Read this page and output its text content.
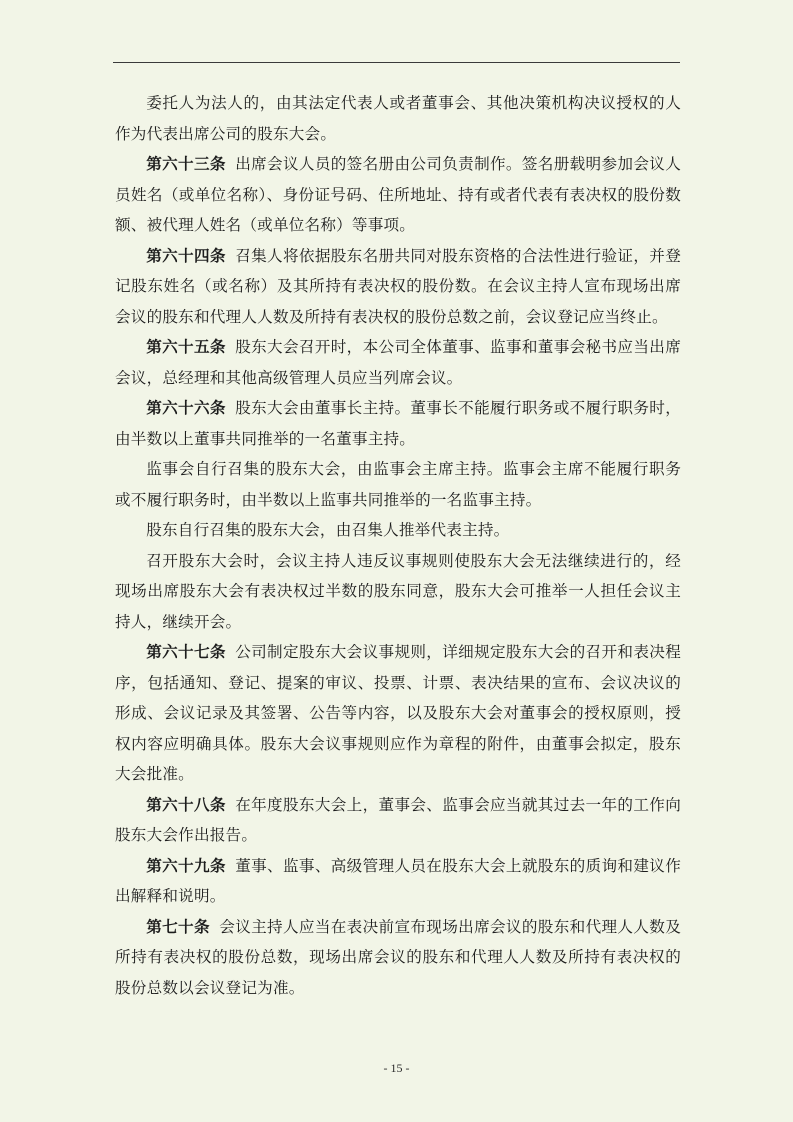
委托人为法人的，由其法定代表人或者董事会、其他决策机构决议授权的人作为代表出席公司的股东大会。

第六十三条 出席会议人员的签名册由公司负责制作。签名册载明参加会议人员姓名（或单位名称）、身份证号码、住所地址、持有或者代表有表决权的股份数额、被代理人姓名（或单位名称）等事项。

第六十四条 召集人将依据股东名册共同对股东资格的合法性进行验证，并登记股东姓名（或名称）及其所持有表决权的股份数。在会议主持人宣布现场出席会议的股东和代理人人数及所持有表决权的股份总数之前，会议登记应当终止。

第六十五条 股东大会召开时，本公司全体董事、监事和董事会秘书应当出席会议，总经理和其他高级管理人员应当列席会议。

第六十六条 股东大会由董事长主持。董事长不能履行职务或不履行职务时，由半数以上董事共同推举的一名董事主持。

监事会自行召集的股东大会，由监事会主席主持。监事会主席不能履行职务或不履行职务时，由半数以上监事共同推举的一名监事主持。

股东自行召集的股东大会，由召集人推举代表主持。

召开股东大会时，会议主持人违反议事规则使股东大会无法继续进行的，经现场出席股东大会有表决权过半数的股东同意，股东大会可推举一人担任会议主持人，继续开会。

第六十七条 公司制定股东大会议事规则，详细规定股东大会的召开和表决程序，包括通知、登记、提案的审议、投票、计票、表决结果的宣布、会议决议的形成、会议记录及其签署、公告等内容，以及股东大会对董事会的授权原则，授权内容应明确具体。股东大会议事规则应作为章程的附件，由董事会拟定，股东大会批准。

第六十八条 在年度股东大会上，董事会、监事会应当就其过去一年的工作向股东大会作出报告。

第六十九条 董事、监事、高级管理人员在股东大会上就股东的质询和建议作出解释和说明。

第七十条 会议主持人应当在表决前宣布现场出席会议的股东和代理人人数及所持有表决权的股份总数，现场出席会议的股东和代理人人数及所持有表决权的股份总数以会议登记为准。

- 15 -
